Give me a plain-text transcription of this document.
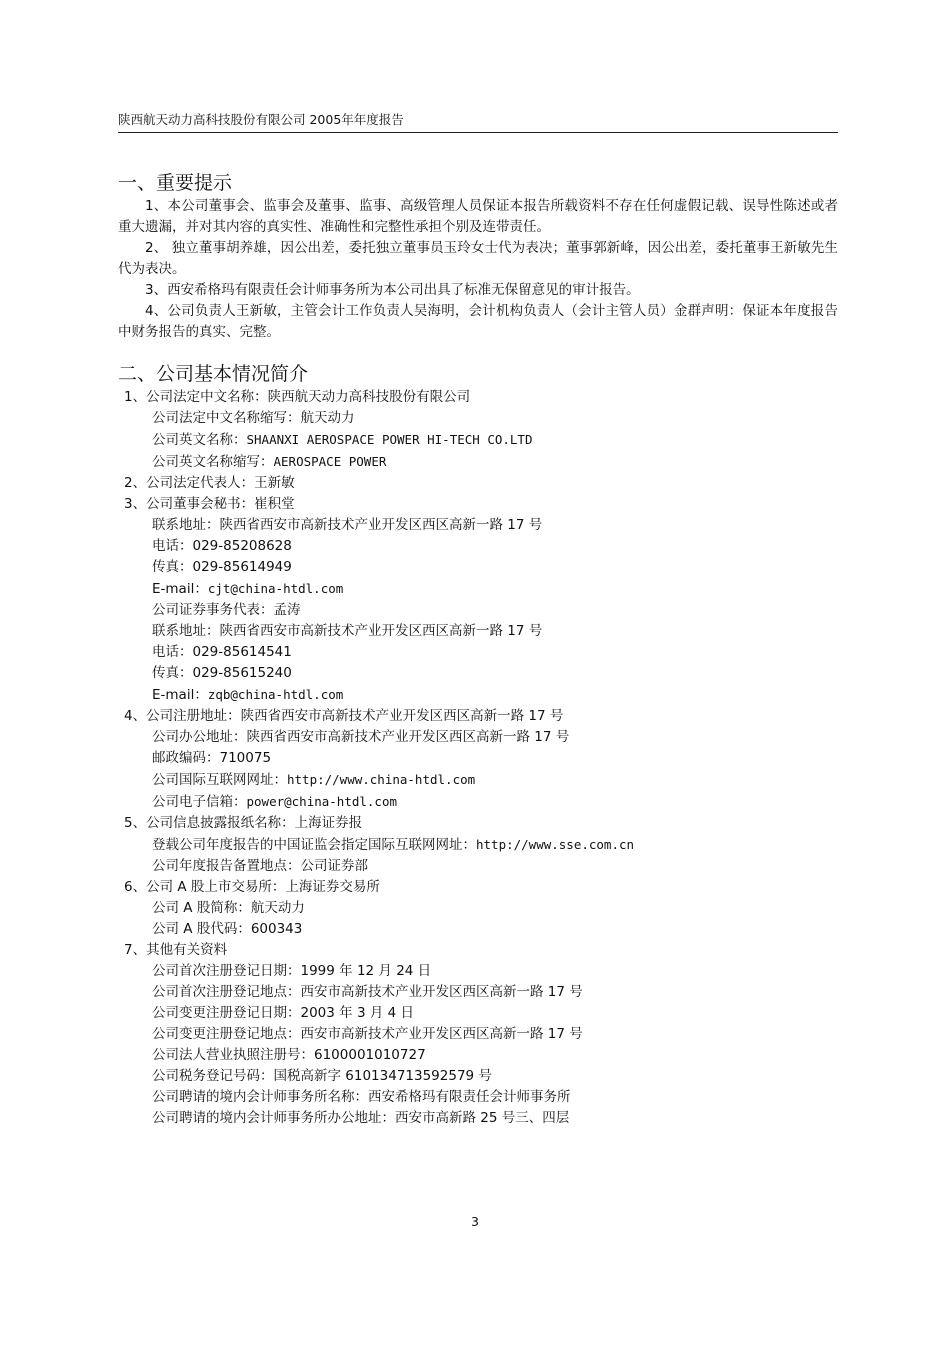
陕西航天动力高科技股份有限公司 2005年年度报告
一、重要提示

1、本公司董事会、监事会及董事、监事、高级管理人员保证本报告所载资料不存在任何虚假记载、误导性陈述或者重大遗漏，并对其内容的真实性、准确性和完整性承担个别及连带责任。

2、 独立董事胡养雄，因公出差，委托独立董事员玉玲女士代为表决；董事郭新峰，因公出差，委托董事王新敏先生代为表决。

3、西安希格玛有限责任会计师事务所为本公司出具了标准无保留意见的审计报告。

4、公司负责人王新敏，主管会计工作负责人吴海明，会计机构负责人（会计主管人员）金群声明：保证本年度报告中财务报告的真实、完整。

二、公司基本情况简介
1、公司法定中文名称：陕西航天动力高科技股份有限公司
公司法定中文名称缩写：航天动力
公司英文名称：SHAANXI AEROSPACE POWER HI-TECH CO.LTD
公司英文名称缩写：AEROSPACE POWER
2、公司法定代表人：王新敏
3、公司董事会秘书：崔积堂
联系地址：陕西省西安市高新技术产业开发区西区高新一路 17 号
电话：029-85208628
传真：029-85614949
E-mail：cjt@china-htdl.com
公司证券事务代表：孟涛
联系地址：陕西省西安市高新技术产业开发区西区高新一路 17 号
电话：029-85614541
传真：029-85615240
E-mail：zqb@china-htdl.com
4、公司注册地址：陕西省西安市高新技术产业开发区西区高新一路 17 号
公司办公地址：陕西省西安市高新技术产业开发区西区高新一路 17 号
邮政编码：710075
公司国际互联网网址：http://www.china-htdl.com
公司电子信箱：power@china-htdl.com
5、公司信息披露报纸名称：上海证券报
登载公司年度报告的中国证监会指定国际互联网网址：http://www.sse.com.cn
公司年度报告备置地点：公司证券部
6、公司 A 股上市交易所：上海证券交易所
公司 A 股简称：航天动力
公司 A 股代码：600343
7、其他有关资料
公司首次注册登记日期：1999 年 12 月 24 日
公司首次注册登记地点：西安市高新技术产业开发区西区高新一路 17 号
公司变更注册登记日期：2003 年 3 月 4 日
公司变更注册登记地点：西安市高新技术产业开发区西区高新一路 17 号
公司法人营业执照注册号：6100001010727
公司税务登记号码：国税高新字 610134713592579 号
公司聘请的境内会计师事务所名称：西安希格玛有限责任会计师事务所
公司聘请的境内会计师事务所办公地址：西安市高新路 25 号三、四层
3
